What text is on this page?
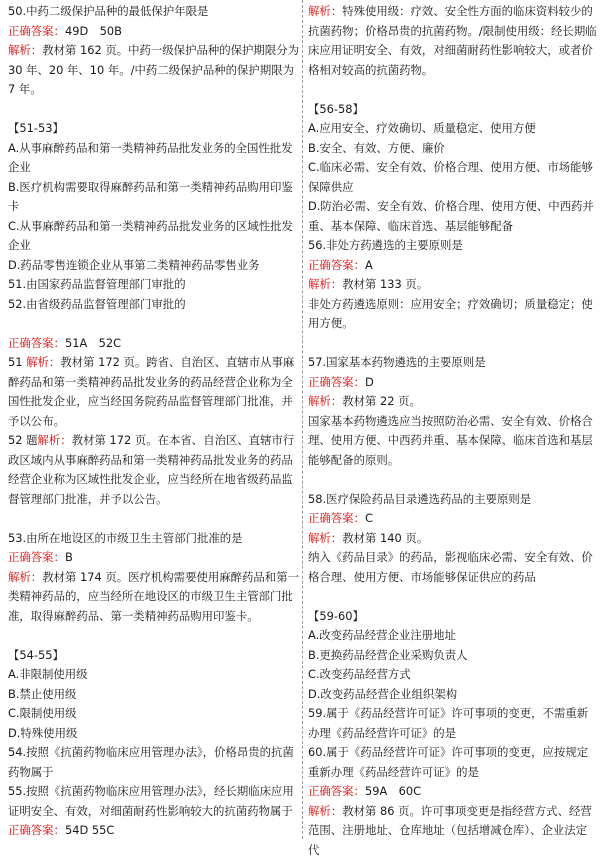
50.中药二级保护品种的最低保护年限是

正确答案：49D　50B

解析：教材第 162 页。中药一级保护品种的保护期限分为 30 年、20 年、10 年。/中药二级保护品种的保护期限为 7 年。

【51-53】

A.从事麻醉药品和第一类精神药品批发业务的全国性批发企业

B.医疗机构需要取得麻醉药品和第一类精神药品购用印鉴卡

C.从事麻醉药品和第一类精神药品批发业务的区域性批发企业

D.药品零售连锁企业从事第二类精神药品零售业务

51.由国家药品监督管理部门审批的

52.由省级药品监督管理部门审批的

正确答案：51A　52C

51 解析：教材第 172 页。跨省、自治区、直辖市从事麻醉药品和第一类精神药品批发业务的药品经营企业称为全国性批发企业，应当经国务院药品监督管理部门批准，并予以公布。

52 题解析：教材第 172 页。在本省、自治区、直辖市行政区域内从事麻醉药品和第一类精神药品批发业务的药品经营企业称为区域性批发企业，应当经所在地省级药品监督管理部门批准，并予以公告。

53.由所在地设区的市级卫生主管部门批准的是

正确答案：B

解析：教材第 174 页。医疗机构需要使用麻醉药品和第一类精神药品的，应当经所在地设区的市级卫生主管部门批准，取得麻醉药品、第一类精神药品购用印鉴卡。

【54-55】

A.非限制使用级

B.禁止使用级

C.限制使用级

D.特殊使用级

54.按照《抗菌药物临床应用管理办法》，价格昂贵的抗菌药物属于

55.按照《抗菌药物临床应用管理办法》，经长期临床应用证明安全、有效，对细菌耐药性影响较大的抗菌药物属于

正确答案：54D 55C

解析：特殊使用级：疗效、安全性方面的临床资料较少的抗菌药物；价格昂贵的抗菌药物。/限制使用级：经长期临床应用证明安全、有效，对细菌耐药性影响较大，或者价格相对较高的抗菌药物。

【56-58】

A.应用安全、疗效确切、质量稳定、使用方便

B.安全、有效、方便、廉价

C.临床必需、安全有效、价格合理、使用方便、市场能够保障供应

D.防治必需、安全有效、价格合理、使用方便、中西药并重、基本保障、临床首选、基层能够配备

56.非处方药遴选的主要原则是

正确答案：A

解析：教材第 133 页。

非处方药遴选原则：应用安全；疗效确切；质量稳定；使用方便。

57.国家基本药物遴选的主要原则是

正确答案：D

解析：教材第 22 页。

国家基本药物遴选应当按照防治必需、安全有效、价格合理、使用方便、中西药并重、基本保障、临床首选和基层能够配备的原则。

58.医疗保险药品目录遴选药品的主要原则是

正确答案：C

解析：教材第 140 页。

纳入《药品目录》的药品，影视临床必需、安全有效、价格合理、使用方便、市场能够保证供应的药品

【59-60】

A.改变药品经营企业注册地址

B.更换药品经营企业采购负责人

C.改变药品经营方式

D.改变药品经营企业组织架构

59.属于《药品经营许可证》许可事项的变更，不需重新办理《药品经营许可证》的是

60.属于《药品经营许可证》许可事项的变更，应按规定重新办理《药品经营许可证》的是

正确答案：59A　60C

解析：教材第 86 页。许可事项变更是指经营方式、经营范围、注册地址、仓库地址（包括增减仓库）、企业法定代
